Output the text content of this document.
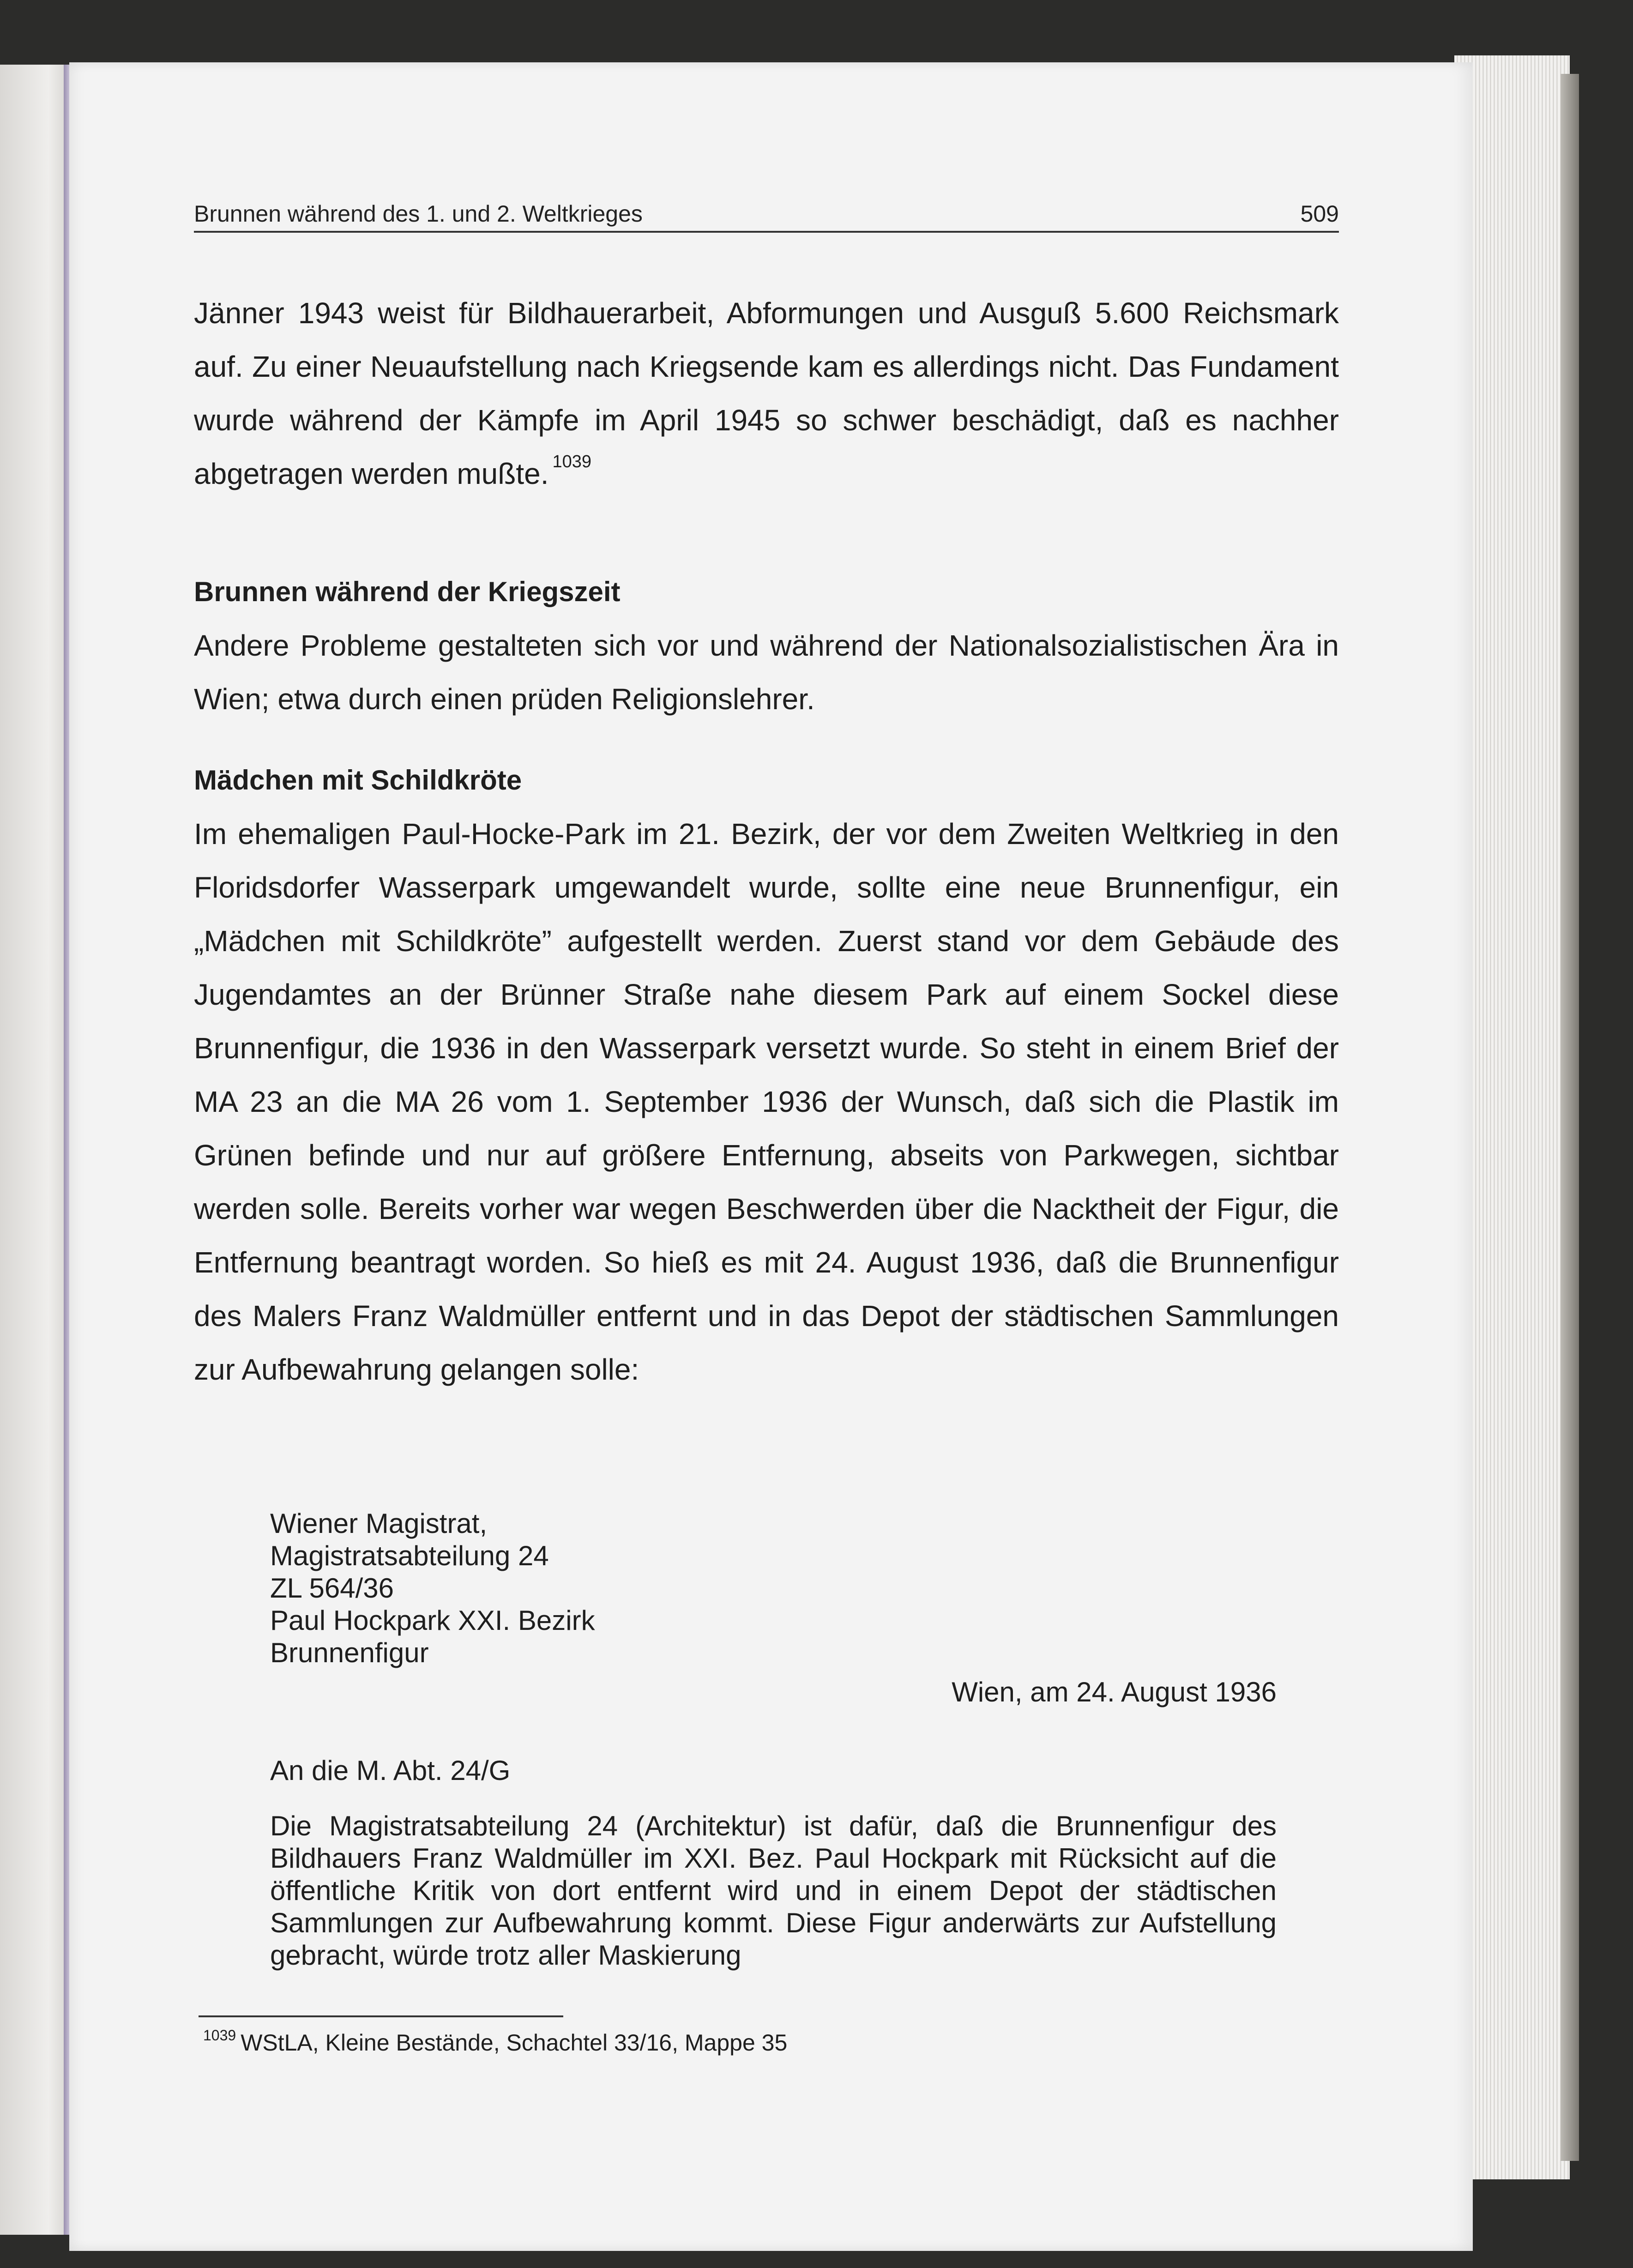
Brunnen während des 1. und 2. Weltkrieges	509

Jänner 1943 weist für Bildhauerarbeit, Abformungen und Ausguß 5.600 Reichsmark auf. Zu einer Neuaufstellung nach Kriegsende kam es allerdings nicht. Das Fundament wurde während der Kämpfe im April 1945 so schwer beschädigt, daß es nachher abgetragen werden mußte. $^{1039}$

Brunnen während der Kriegszeit

Andere Probleme gestalteten sich vor und während der Nationalsozialistischen Ära in Wien; etwa durch einen prüden Religionslehrer.

Mädchen mit Schildkröte

Im ehemaligen Paul-Hocke-Park im 21. Bezirk, der vor dem Zweiten Weltkrieg in den Floridsdorfer Wasserpark umgewandelt wurde, sollte eine neue Brunnenfigur, ein „Mädchen mit Schildkröte” aufgestellt werden. Zuerst stand vor dem Gebäude des Jugendamtes an der Brünner Straße nahe diesem Park auf einem Sockel diese Brunnenfigur, die 1936 in den Wasserpark versetzt wurde. So steht in einem Brief der MA 23 an die MA 26 vom 1. September 1936 der Wunsch, daß sich die Plastik im Grünen befinde und nur auf größere Entfernung, abseits von Parkwegen, sichtbar werden solle. Bereits vorher war wegen Beschwerden über die Nacktheit der Figur, die Entfernung beantragt worden. So hieß es mit 24. August 1936, daß die Brunnenfigur des Malers Franz Waldmüller entfernt und in das Depot der städtischen Sammlungen zur Aufbewahrung gelangen solle:

Wiener Magistrat,
Magistratsabteilung 24
ZL 564/36
Paul Hockpark XXI. Bezirk
Brunnenfigur
Wien, am 24. August 1936
An die M. Abt. 24/G
Die Magistratsabteilung 24 (Architektur) ist dafür, daß die Brunnenfigur des Bildhauers Franz Waldmüller im XXI. Bez. Paul Hockpark mit Rücksicht auf die öffentliche Kritik von dort entfernt wird und in einem Depot der städtischen Sammlungen zur Aufbewahrung kommt. Diese Figur anderwärts zur Aufstellung gebracht, würde trotz aller Maskierung
$^{1039}$ WStLA, Kleine Bestände, Schachtel 33/16, Mappe 35
